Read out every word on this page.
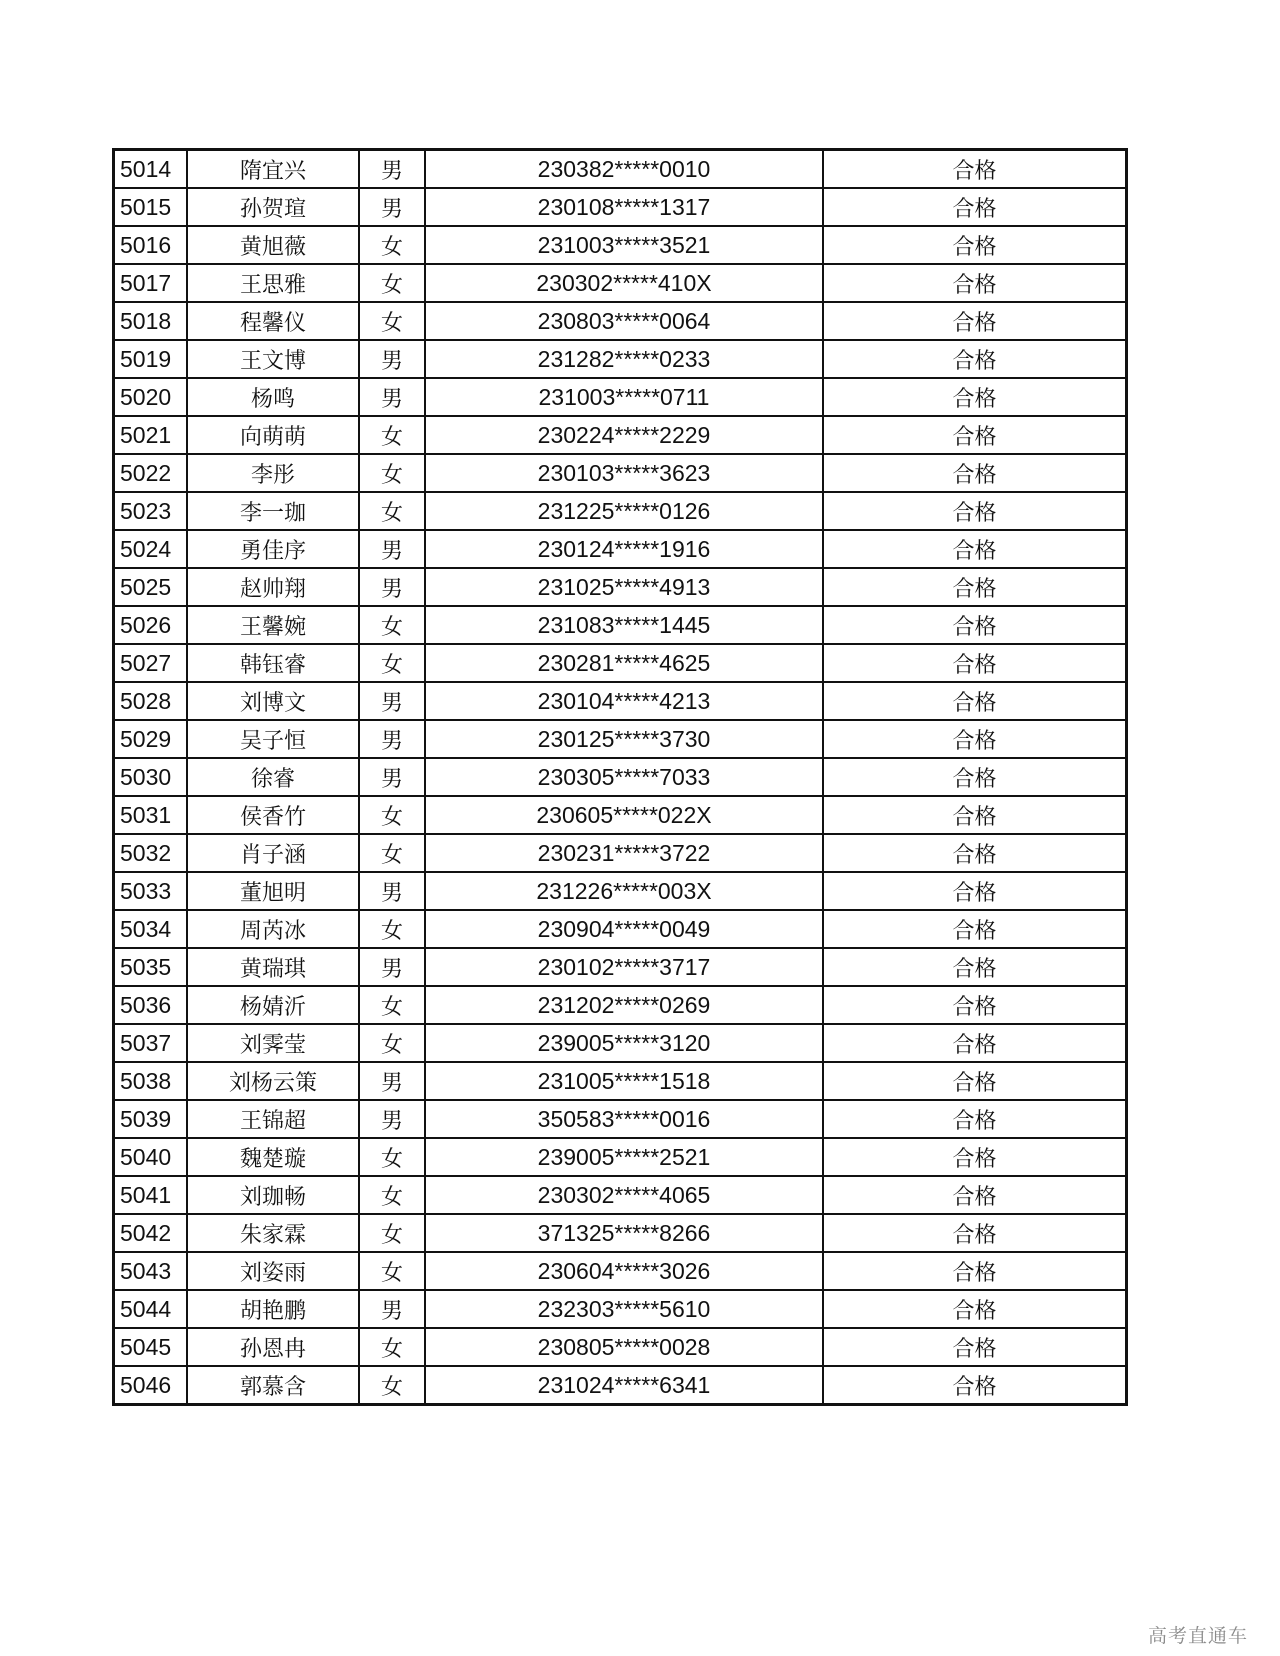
5014	隋宜兴	男	230382*****0010	合格
5015	孙贺瑄	男	230108*****1317	合格
5016	黄旭薇	女	231003*****3521	合格
5017	王思雅	女	230302*****410X	合格
5018	程馨仪	女	230803*****0064	合格
5019	王文博	男	231282*****0233	合格
5020	杨鸣	男	231003*****0711	合格
5021	向萌萌	女	230224*****2229	合格
5022	李彤	女	230103*****3623	合格
5023	李一珈	女	231225*****0126	合格
5024	勇佳序	男	230124*****1916	合格
5025	赵帅翔	男	231025*****4913	合格
5026	王馨婉	女	231083*****1445	合格
5027	韩钰睿	女	230281*****4625	合格
5028	刘博文	男	230104*****4213	合格
5029	吴子恒	男	230125*****3730	合格
5030	徐睿	男	230305*****7033	合格
5031	侯香竹	女	230605*****022X	合格
5032	肖子涵	女	230231*****3722	合格
5033	董旭明	男	231226*****003X	合格
5034	周芮冰	女	230904*****0049	合格
5035	黄瑞琪	男	230102*****3717	合格
5036	杨婧沂	女	231202*****0269	合格
5037	刘霁莹	女	239005*****3120	合格
5038	刘杨云策	男	231005*****1518	合格
5039	王锦超	男	350583*****0016	合格
5040	魏楚璇	女	239005*****2521	合格
5041	刘珈畅	女	230302*****4065	合格
5042	朱家霖	女	371325*****8266	合格
5043	刘姿雨	女	230604*****3026	合格
5044	胡艳鹏	男	232303*****5610	合格
5045	孙恩冉	女	230805*****0028	合格
5046	郭慕含	女	231024*****6341	合格
高考直通车
